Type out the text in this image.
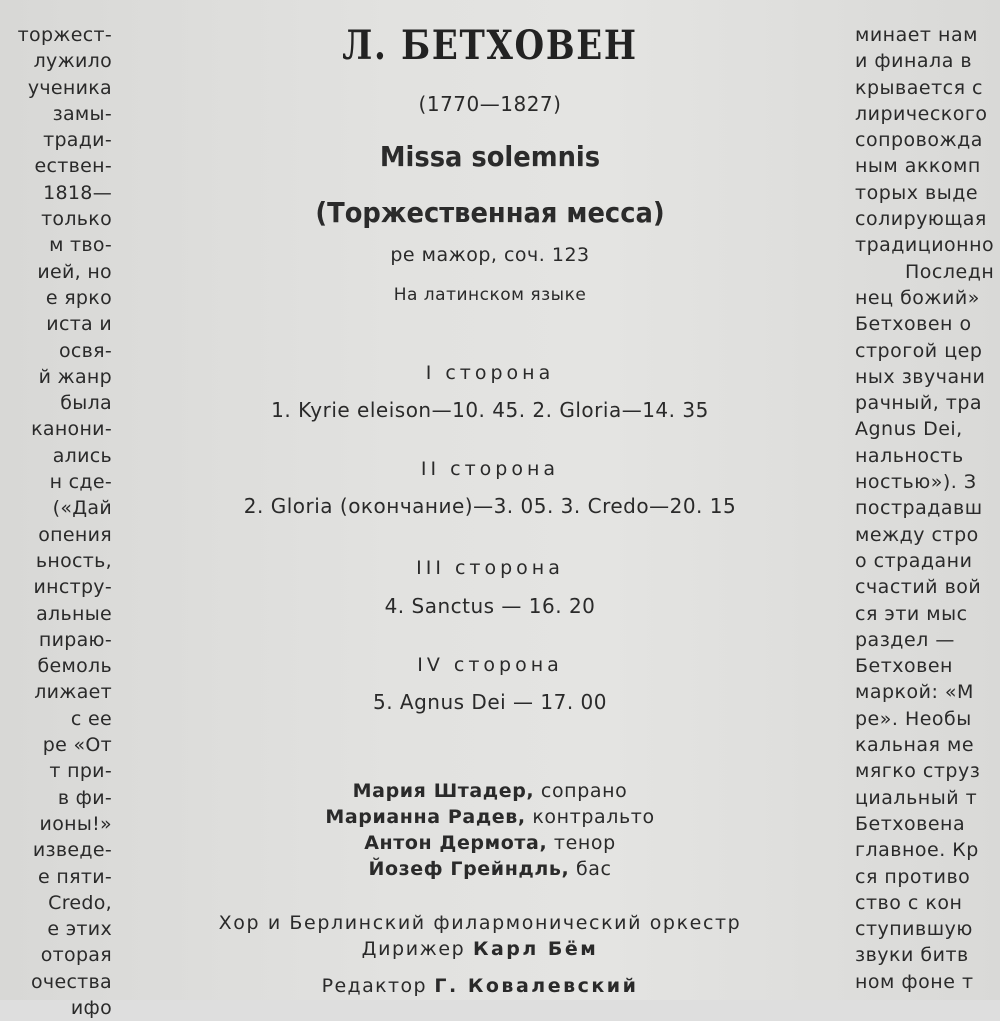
торжест-
лужило
ученика
замы-
тради-
ествен-
1818—
только
м тво-
ией, но
е ярко
иста и
освя-
й жанр
была
канони-
ались
н сде-
(«Дай
опения
ьность,
инстру-
альные
пираю-
бемоль
лижает
с ее
ре «От
т при-
в фи-
ионы!»
изведе-
е пяти-
Credo,
е этих
оторая
очества
ифо
минает нам
и финала в
крывается с
лирического
сопровожда
ным аккомп
торых выде
солирующая
традиционно
Последн
нец божий»
Бетховен о
строгой цер
ных звучани
рачный, тра
Agnus Dei,
нальность
ностью»). З
пострадавш
между стро
о страдани
счастий вой
ся эти мыс
раздел —
Бетховен
маркой: «М
ре». Необы
кальная ме
мягко струз
циальный т
Бетховена
главное. Кр
ся противо
ство с кон
ступившую
звуки битв
ном фоне т
Л. БЕТХОВЕН
(1770—1827)
Missa solemnis
(Торжественная месса)
ре мажор, соч. 123
На латинском языке
I сторона
1. Kyrie eleison—10. 45. 2. Gloria—14. 35
II сторона
2. Gloria (окончание)—3. 05. 3. Credo—20. 15
III сторона
4. Sanctus — 16. 20
IV сторона
5. Agnus Dei — 17. 00
Мария Штадер, сопрано
Марианна Радев, контральто
Антон Дермота, тенор
Йозеф Грейндль, бас
Хор и Берлинский филармонический оркестр
Дирижер Карл Бём
Редактор Г. Ковалевский
